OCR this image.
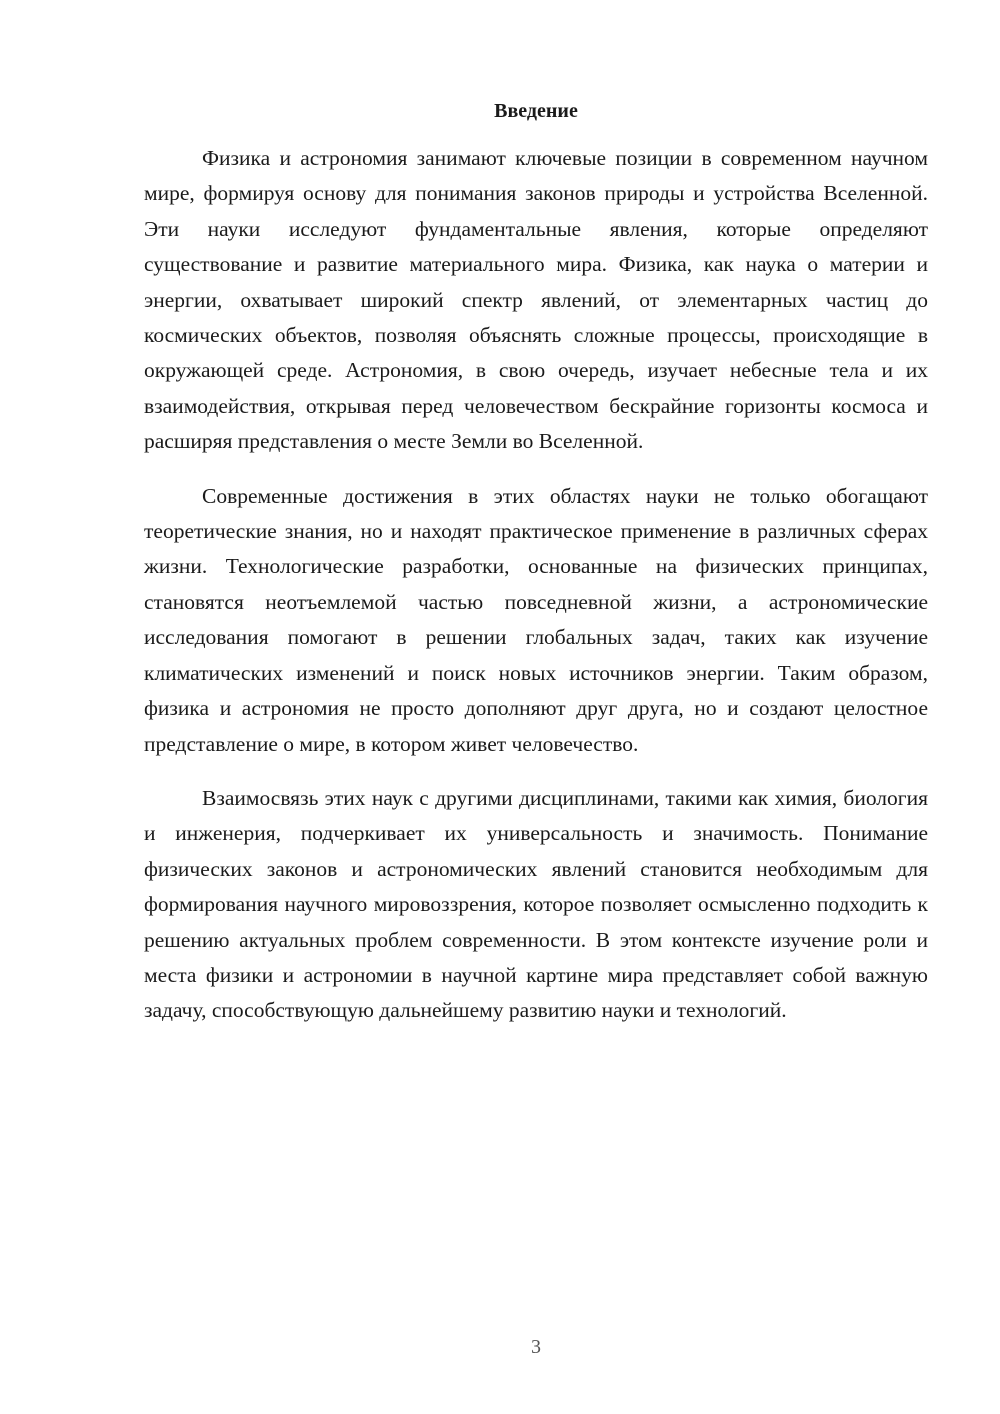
Введение

Физика и астрономия занимают ключевые позиции в современном научном мире, формируя основу для понимания законов природы и устройства Вселенной. Эти науки исследуют фундаментальные явления, которые определяют существование и развитие материального мира. Физика, как наука о материи и энергии, охватывает широкий спектр явлений, от элементарных частиц до космических объектов, позволяя объяснять сложные процессы, происходящие в окружающей среде. Астрономия, в свою очередь, изучает небесные тела и их взаимодействия, открывая перед человечеством бескрайние горизонты космоса и расширяя представления о месте Земли во Вселенной.

Современные достижения в этих областях науки не только обогащают теоретические знания, но и находят практическое применение в различных сферах жизни. Технологические разработки, основанные на физических принципах, становятся неотъемлемой частью повседневной жизни, а астрономические исследования помогают в решении глобальных задач, таких как изучение климатических изменений и поиск новых источников энергии. Таким образом, физика и астрономия не просто дополняют друг друга, но и создают целостное представление о мире, в котором живет человечество.

Взаимосвязь этих наук с другими дисциплинами, такими как химия, биология и инженерия, подчеркивает их универсальность и значимость. Понимание физических законов и астрономических явлений становится необходимым для формирования научного мировоззрения, которое позволяет осмысленно подходить к решению актуальных проблем современности. В этом контексте изучение роли и места физики и астрономии в научной картине мира представляет собой важную задачу, способствующую дальнейшему развитию науки и технологий.

3
